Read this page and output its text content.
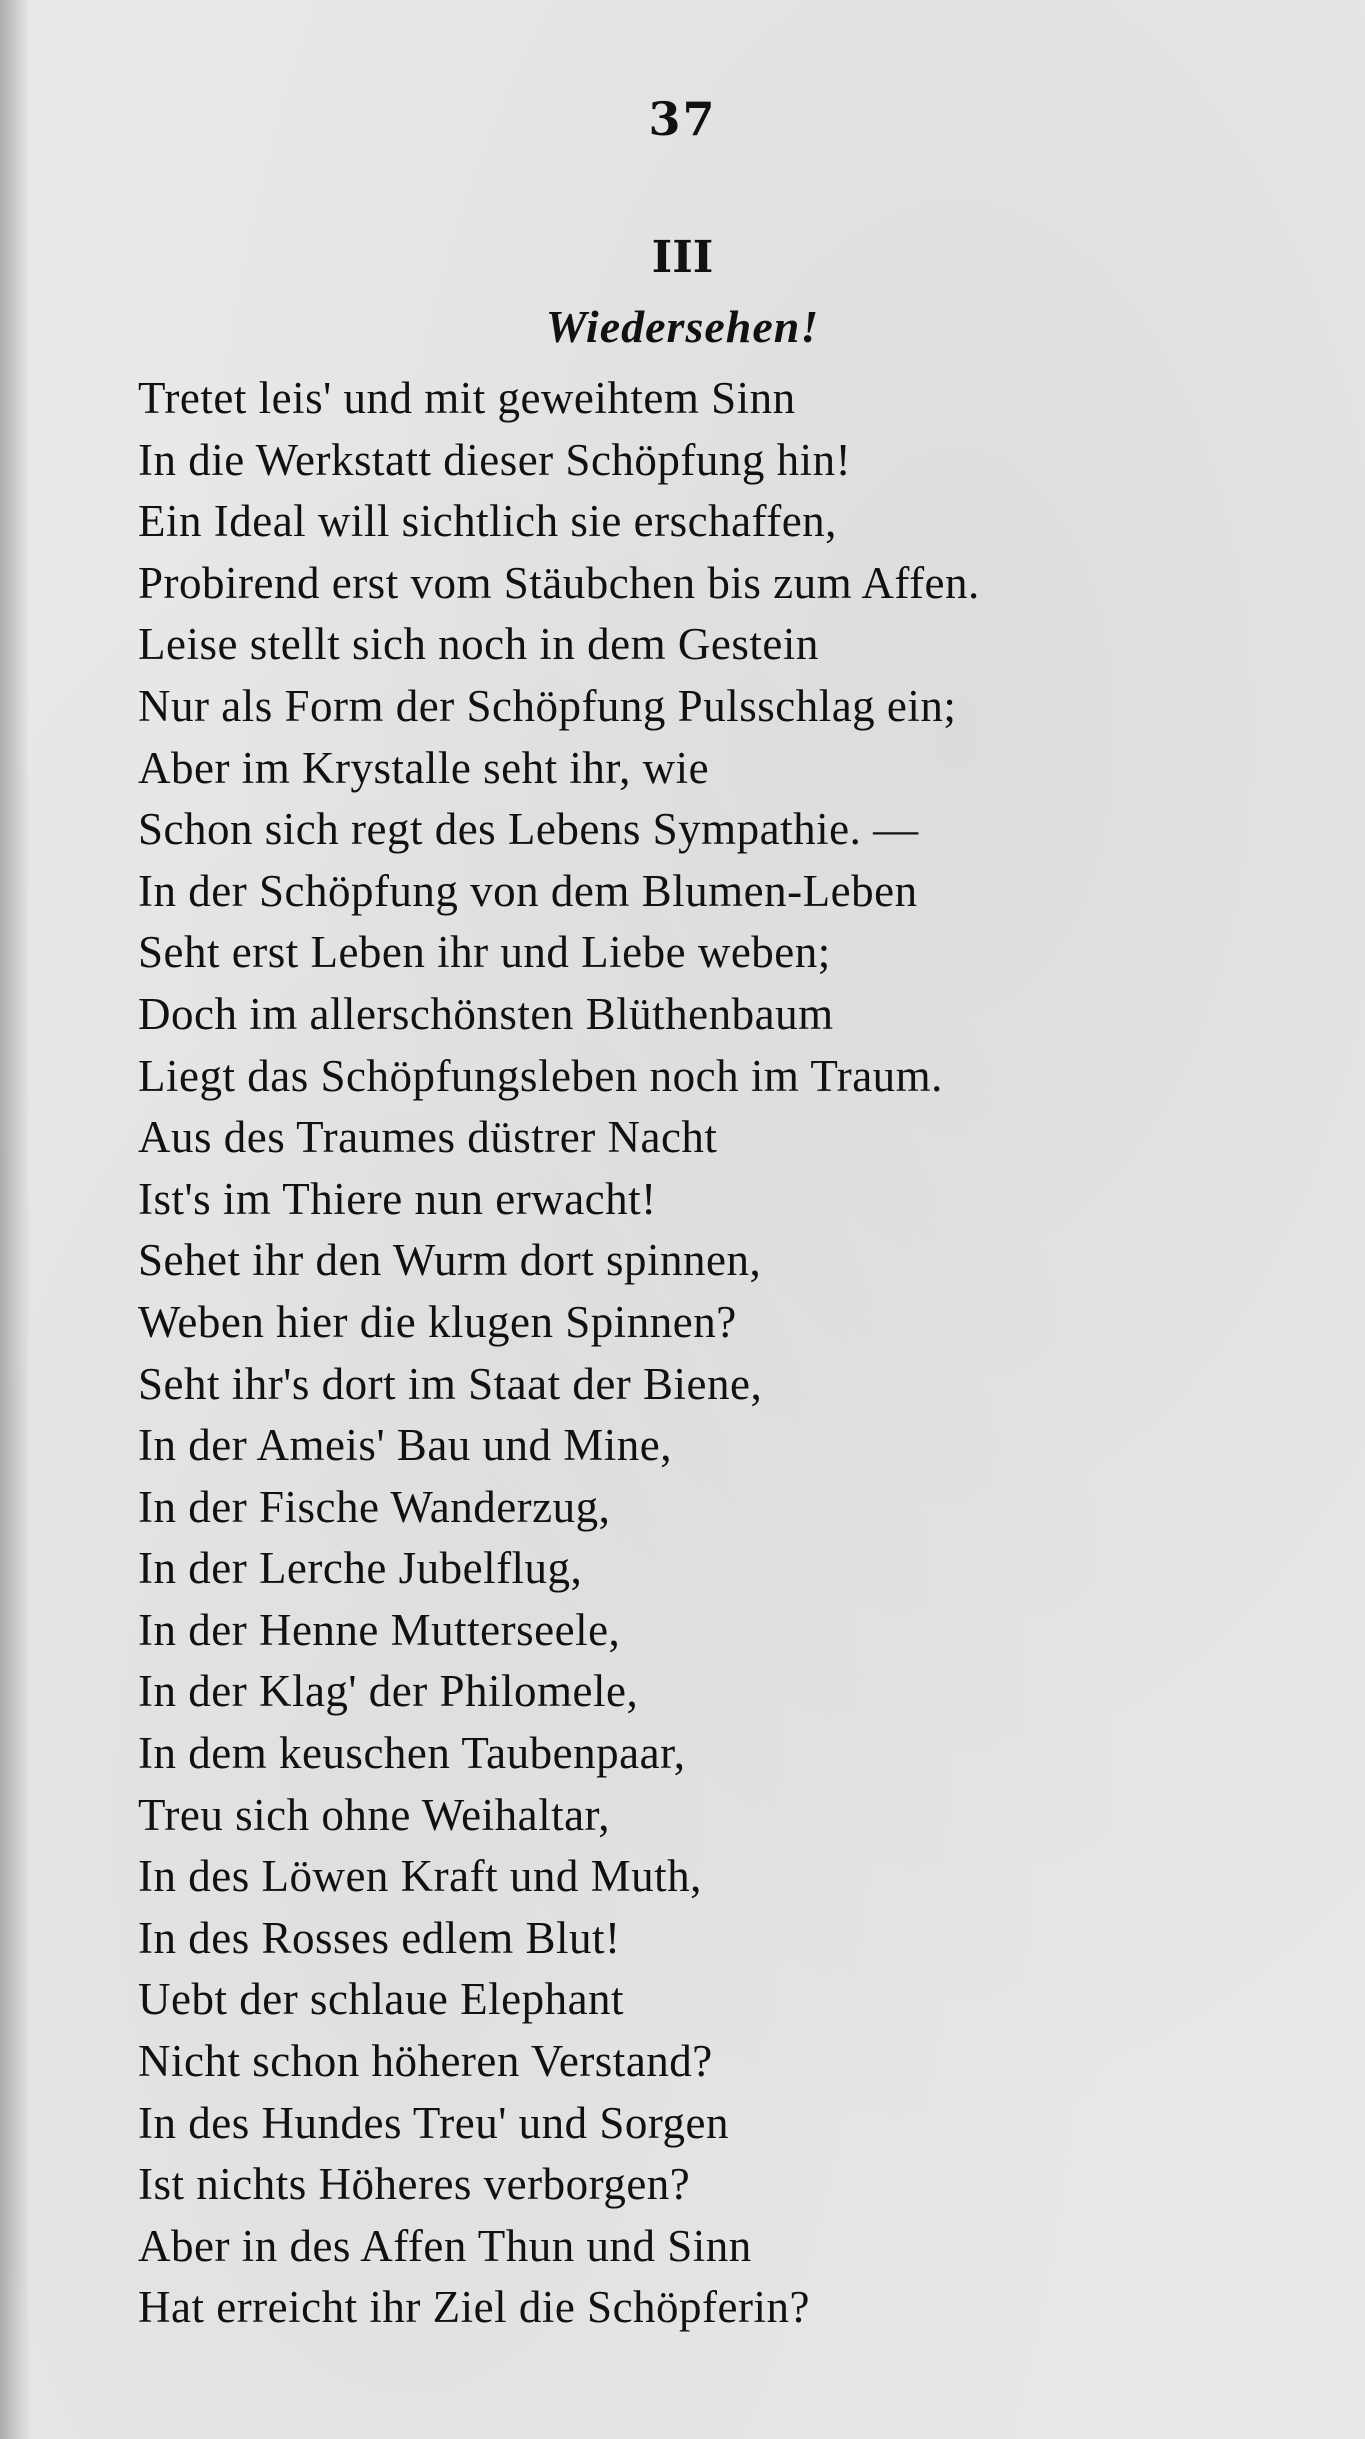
37
III
Wiedersehen!
Tretet leis' und mit geweihtem Sinn
In die Werkstatt dieser Schöpfung hin!
Ein Ideal will sichtlich sie erschaffen,
Probirend erst vom Stäubchen bis zum Affen.
Leise stellt sich noch in dem Gestein
Nur als Form der Schöpfung Pulsschlag ein;
Aber im Krystalle seht ihr, wie
Schon sich regt des Lebens Sympathie. —
In der Schöpfung von dem Blumen-Leben
Seht erst Leben ihr und Liebe weben;
Doch im allerschönsten Blüthenbaum
Liegt das Schöpfungsleben noch im Traum.
Aus des Traumes düstrer Nacht
Ist's im Thiere nun erwacht!
Sehet ihr den Wurm dort spinnen,
Weben hier die klugen Spinnen?
Seht ihr's dort im Staat der Biene,
In der Ameis' Bau und Mine,
In der Fische Wanderzug,
In der Lerche Jubelflug,
In der Henne Mutterseele,
In der Klag' der Philomele,
In dem keuschen Taubenpaar,
Treu sich ohne Weihaltar,
In des Löwen Kraft und Muth,
In des Rosses edlem Blut!
Uebt der schlaue Elephant
Nicht schon höheren Verstand?
In des Hundes Treu' und Sorgen
Ist nichts Höheres verborgen?
Aber in des Affen Thun und Sinn
Hat erreicht ihr Ziel die Schöpferin?
